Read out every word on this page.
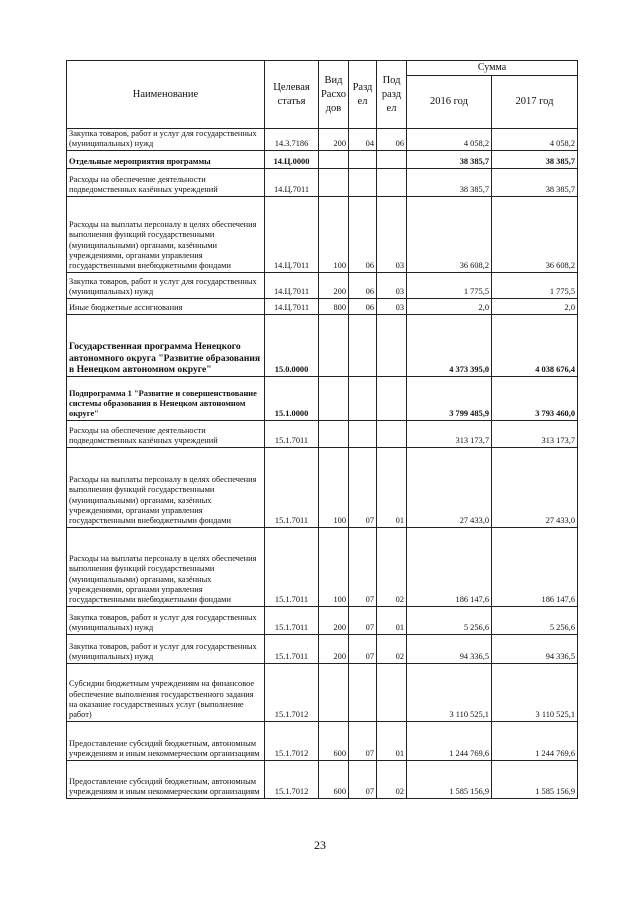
Наименование	Целевая статья	Вид Расхо дов	Разд ел	Под разд ел	Сумма	
					2016 год	2017 год
Закупка товаров, работ и услуг для государственных (муниципальных) нужд	14.3.7186	200	04	06	4 058,2	4 058,2
Отдельные мероприятия программы	14.Ц.0000				38 385,7	38 385,7
Расходы на обеспечение деятельности подведомственных казённых учреждений	14.Ц.7011				38 385,7	38 385,7
Расходы на выплаты персоналу в целях обеспечения выполнения функций государственными (муниципальными) органами, казёнными учреждениями, органами управления государственными внебюджетными фондами	14.Ц.7011	100	06	03	36 608,2	36 608,2
Закупка товаров, работ и услуг для государственных (муниципальных) нужд	14.Ц.7011	200	06	03	1 775,5	1 775,5
Иные бюджетные ассигнования	14.Ц.7011	800	06	03	2,0	2,0
Государственная программа Ненецкого автономного округа "Развитие образования в Ненецком автономном округе"	15.0.0000				4 373 395,0	4 038 676,4
Подпрограмма 1 "Развитие и совершенствование системы образования в Ненецком автономном округе"	15.1.0000				3 799 485,9	3 793 460,0
Расходы на обеспечение деятельности подведомственных казённых учреждений	15.1.7011				313 173,7	313 173,7
Расходы на выплаты персоналу в целях обеспечения выполнения функций государственными (муниципальными) органами, казённых учреждениями, органами управления государственными внебюджетными фондами	15.1.7011	100	07	01	27 433,0	27 433,0
Расходы на выплаты персоналу в целях обеспечения выполнения функций государственными (муниципальными) органами, казённых учреждениями, органами управления государственными внебюджетными фондами	15.1.7011	100	07	02	186 147,6	186 147,6
Закупка товаров, работ и услуг для государственных (муниципальных) нужд	15.1.7011	200	07	01	5 256,6	5 256,6
Закупка товаров, работ и услуг для государственных (муниципальных) нужд	15.1.7011	200	07	02	94 336,5	94 336,5
Субсидии бюджетным учреждениям на финансовое обеспечение выполнения государственного задания на оказание государственных услуг (выполнение работ)	15.1.7012				3 110 525,1	3 110 525,1
Предоставление субсидий бюджетным, автономным учреждениям и иным некоммерческим организациям	15.1.7012	600	07	01	1 244 769,6	1 244 769,6
Предоставление субсидий бюджетным, автономным учреждениям и иным некоммерческим организациям	15.1.7012	600	07	02	1 585 156,9	1 585 156,9
23
